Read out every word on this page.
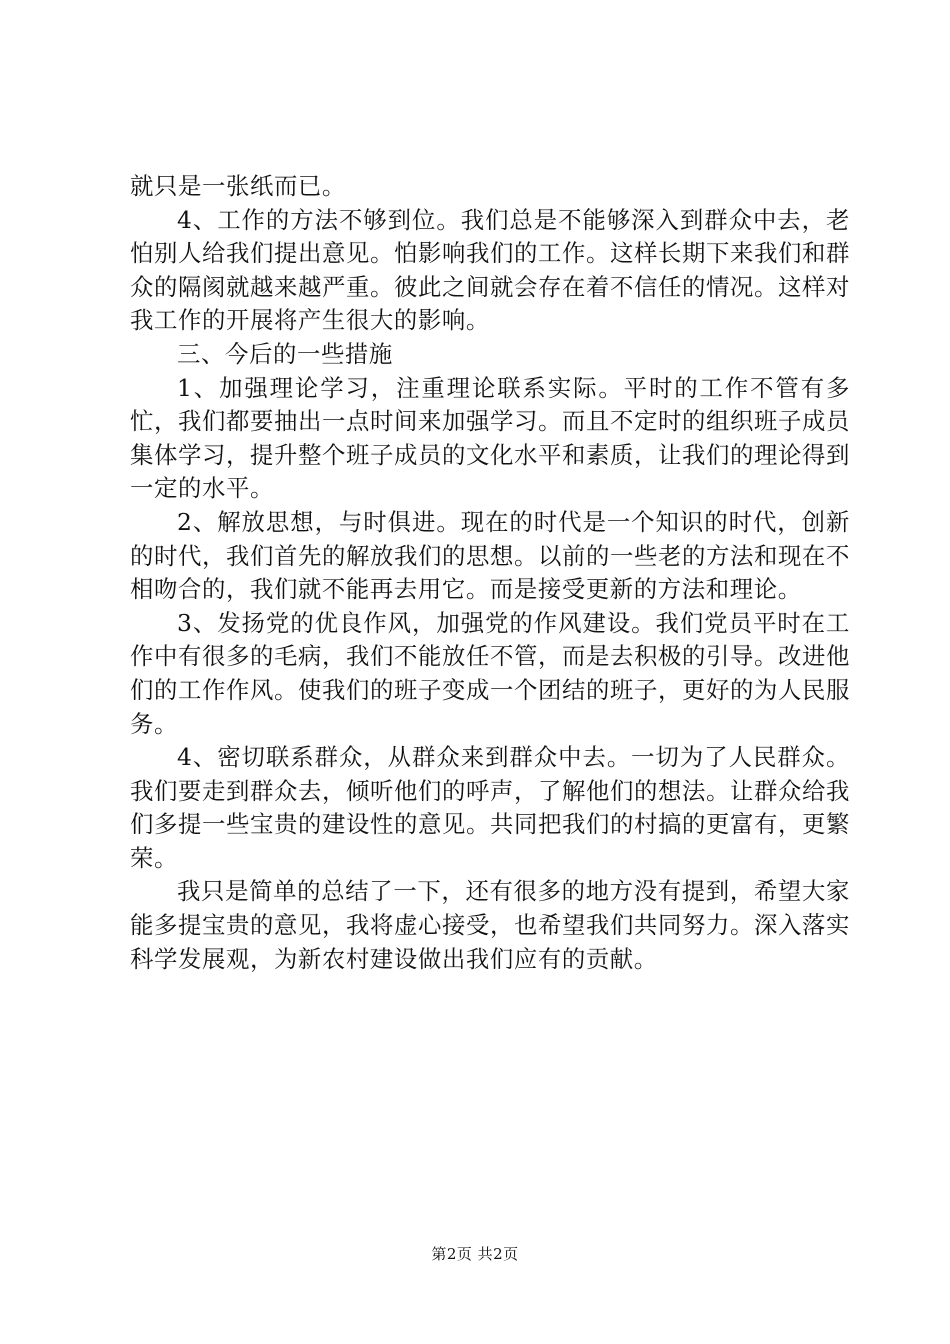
就只是一张纸而已。

4、工作的方法不够到位。我们总是不能够深入到群众中去，老怕别人给我们提出意见。怕影响我们的工作。这样长期下来我们和群众的隔阂就越来越严重。彼此之间就会存在着不信任的情况。这样对我工作的开展将产生很大的影响。

三、今后的一些措施

1、加强理论学习，注重理论联系实际。平时的工作不管有多忙，我们都要抽出一点时间来加强学习。而且不定时的组织班子成员集体学习，提升整个班子成员的文化水平和素质，让我们的理论得到一定的水平。

2、解放思想，与时俱进。现在的时代是一个知识的时代，创新的时代，我们首先的解放我们的思想。以前的一些老的方法和现在不相吻合的，我们就不能再去用它。而是接受更新的方法和理论。

3、发扬党的优良作风，加强党的作风建设。我们党员平时在工作中有很多的毛病，我们不能放任不管，而是去积极的引导。改进他们的工作作风。使我们的班子变成一个团结的班子，更好的为人民服务。

4、密切联系群众，从群众来到群众中去。一切为了人民群众。我们要走到群众去，倾听他们的呼声，了解他们的想法。让群众给我们多提一些宝贵的建设性的意见。共同把我们的村搞的更富有，更繁荣。

我只是简单的总结了一下，还有很多的地方没有提到，希望大家能多提宝贵的意见，我将虚心接受，也希望我们共同努力。深入落实科学发展观，为新农村建设做出我们应有的贡献。

第2页 共2页
